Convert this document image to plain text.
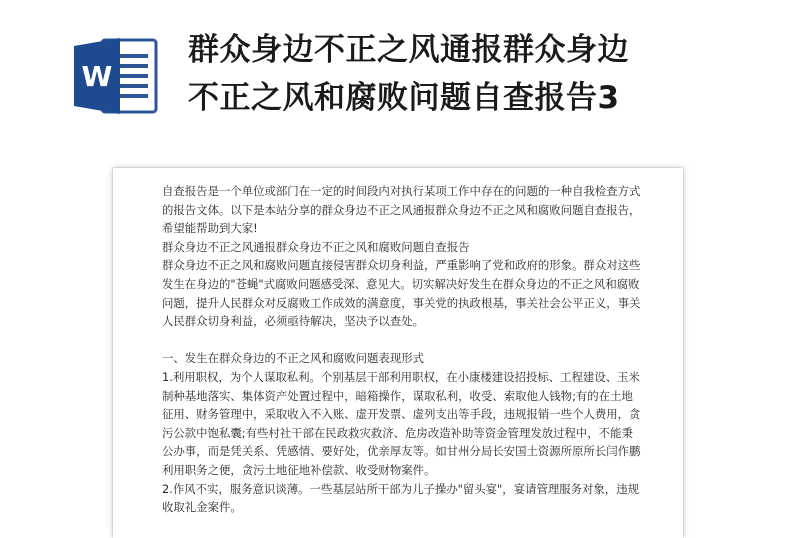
W
群众身边不正之风通报群众身边
不正之风和腐败问题自查报告3

自查报告是一个单位或部门在一定的时间段内对执行某项工作中存在的问题的一种自我检查方式的报告文体。以下是本站分享的群众身边不正之风通报群众身边不正之风和腐败问题自查报告，希望能帮助到大家!

群众身边不正之风通报群众身边不正之风和腐败问题自查报告

群众身边不正之风和腐败问题直接侵害群众切身利益，严重影响了党和政府的形象。群众对这些发生在身边的"苍蝇"式腐败问题感受深、意见大。切实解决好发生在群众身边的不正之风和腐败问题，提升人民群众对反腐败工作成效的满意度，事关党的执政根基，事关社会公平正义，事关人民群众切身利益，必须亟待解决，坚决予以查处。

一、发生在群众身边的不正之风和腐败问题表现形式

1.利用职权，为个人谋取私利。个别基层干部利用职权，在小康楼建设招投标、工程建设、玉米制种基地落实、集体资产处置过程中，暗箱操作，谋取私利，收受、索取他人钱物;有的在土地征用、财务管理中，采取收入不入账、虚开发票、虚列支出等手段，违规报销一些个人费用，贪污公款中饱私囊;有些村社干部在民政救灾救济、危房改造补助等资金管理发放过程中，不能秉公办事，而是凭关系、凭感情、要好处，优亲厚友等。如甘州分局长安国土资源所原所长闫作鹏利用职务之便，贪污土地征地补偿款、收受财物案件。

2.作风不实，服务意识谈薄。一些基层站所干部为儿子操办"留头宴"，宴请管理服务对象，违规收取礼金案件。
